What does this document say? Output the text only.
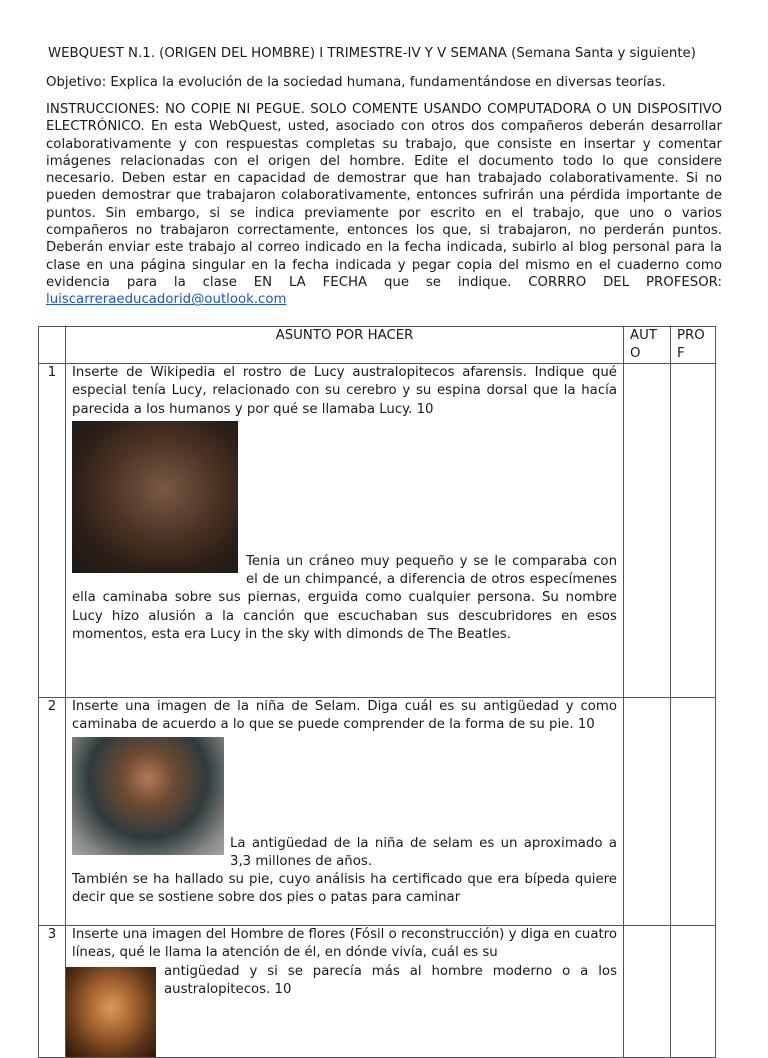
WEBQUEST N.1. (ORIGEN DEL HOMBRE) I TRIMESTRE-IV Y V SEMANA (Semana Santa y siguiente)
Objetivo: Explica la evolución de la sociedad humana, fundamentándose en diversas teorías.
INSTRUCCIONES: NO COPIE NI PEGUE. SOLO COMENTE USANDO COMPUTADORA O UN DISPOSITIVO ELECTRÓNICO. En esta WebQuest, usted, asociado con otros dos compañeros deberán desarrollar colaborativamente y con respuestas completas su trabajo, que consiste en insertar y comentar imágenes relacionadas con el origen del hombre. Edite el documento todo lo que considere necesario. Deben estar en capacidad de demostrar que han trabajado colaborativamente. Si no pueden demostrar que trabajaron colaborativamente, entonces sufrirán una pérdida importante de puntos. Sin embargo, si se indica previamente por escrito en el trabajo, que uno o varios compañeros no trabajaron correctamente, entonces los que, si trabajaron, no perderán puntos. Deberán enviar este trabajo al correo indicado en la fecha indicada, subirlo al blog personal para la clase en una página singular en la fecha indicada y pegar copia del mismo en el cuaderno como evidencia para la clase EN LA FECHA que se indique. CORRRO DEL PROFESOR: luiscarreraeducadorid@outlook.com
	ASUNTO POR HACER	AUT O	PRO F

1	Inserte de Wikipedia el rostro de Lucy australopitecos afarensis. Indique qué especial tenía Lucy, relacionado con su cerebro y su espina dorsal que la hacía parecida a los humanos y por qué se llamaba Lucy. 10
Tenia un cráneo muy pequeño y se le comparaba con el de un chimpancé, a diferencia de otros especímenes ella caminaba sobre sus piernas, erguida como cualquier persona. Su nombre Lucy hizo alusión a la canción que escuchaban sus descubridores en esos momentos, esta era Lucy in the sky with dimonds de The Beatles.		

2	Inserte una imagen de la niña de Selam. Diga cuál es su antigüedad y como caminaba de acuerdo a lo que se puede comprender de la forma de su pie. 10
La antigüedad de la niña de selam es un aproximado a 3,3 millones de años.
También se ha hallado su pie, cuyo análisis ha certificado que era bípeda quiere decir que se sostiene sobre dos pies o patas para caminar		

3	Inserte una imagen del Hombre de flores (Fósil o reconstrucción) y diga en cuatro líneas, qué le llama la atención de él, en dónde vivía, cuál es su
antigüedad y si se parecía más al hombre moderno o a los australopitecos. 10		
